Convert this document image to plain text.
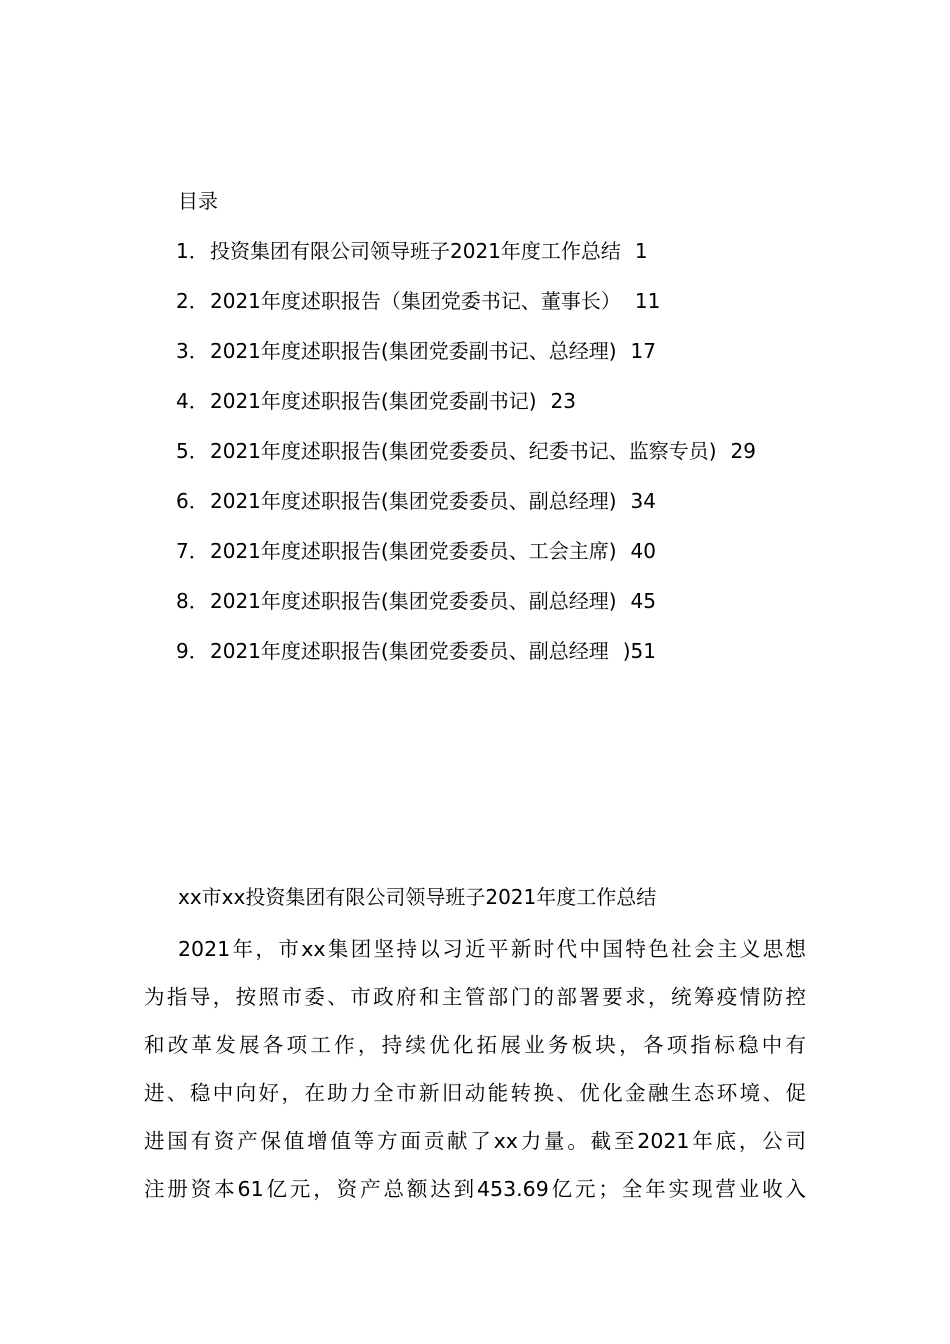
目录
1．投资集团有限公司领导班子2021年度工作总结 1
2．2021年度述职报告（集团党委书记、董事长） 11
3．2021年度述职报告(集团党委副书记、总经理) 17
4．2021年度述职报告(集团党委副书记) 23
5．2021年度述职报告(集团党委委员、纪委书记、监察专员) 29
6．2021年度述职报告(集团党委委员、副总经理) 34
7．2021年度述职报告(集团党委委员、工会主席) 40
8．2021年度述职报告(集团党委委员、副总经理) 45
9．2021年度述职报告(集团党委委员、副总经理 )51
xx市xx投资集团有限公司领导班子2021年度工作总结

2021年，市xx集团坚持以习近平新时代中国特色社会主义思想
为指导，按照市委、市政府和主管部门的部署要求，统筹疫情防控
和改革发展各项工作，持续优化拓展业务板块，各项指标稳中有
进、稳中向好，在助力全市新旧动能转换、优化金融生态环境、促
进国有资产保值增值等方面贡献了xx力量。截至2021年底，公司
注册资本61亿元，资产总额达到453.69亿元；全年实现营业收入
